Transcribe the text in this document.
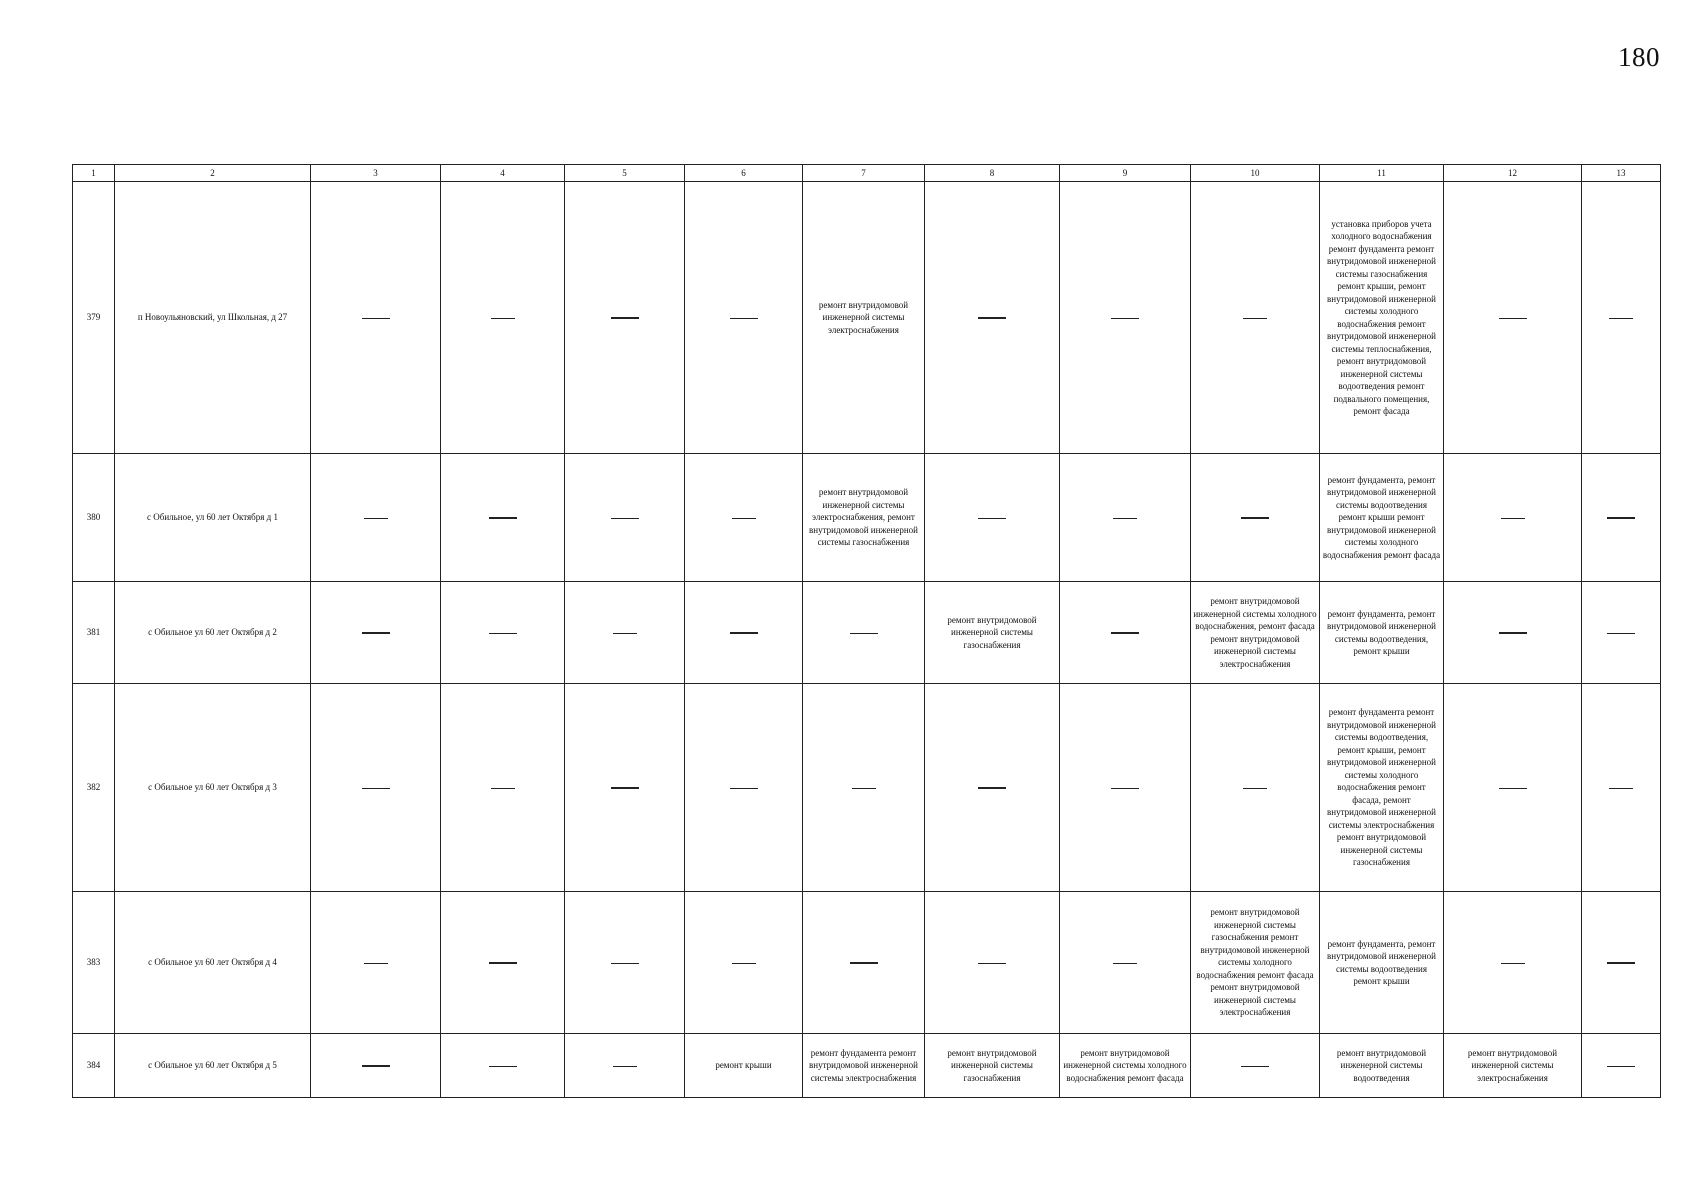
180
1	2	3	4	5	6	7	8	9	10	11	12	13
379	п Новоульяновский, ул Школьная, д 27					ремонт внутридомовой инженерной системы электроснабжения				установка приборов учета холодного водоснабжения ремонт фундамента ремонт внутридомовой инженерной системы газоснабжения ремонт крыши, ремонт внутридомовой инженерной системы холодного водоснабжения ремонт внутридомовой инженерной системы теплоснабжения, ремонт внутридомовой инженерной системы водоотведения ремонт подвального помещения, ремонт фасада		
380	с Обильное, ул 60 лет Октября д 1					ремонт внутридомовой инженерной системы электроснабжения, ремонт внутридомовой инженерной системы газоснабжения				ремонт фундамента, ремонт внутридомовой инженерной системы водоотведения ремонт крыши ремонт внутридомовой инженерной системы холодного водоснабжения ремонт фасада		
381	с Обильное ул 60 лет Октября д 2						ремонт внутридомовой инженерной системы газоснабжения		ремонт внутридомовой инженерной системы холодного водоснабжения, ремонт фасада ремонт внутридомовой инженерной системы электроснабжения	ремонт фундамента, ремонт внутридомовой инженерной системы водоотведения, ремонт крыши		
382	с Обильное ул 60 лет Октября д 3									ремонт фундамента ремонт внутридомовой инженерной системы водоотведения, ремонт крыши, ремонт внутридомовой инженерной системы холодного водоснабжения ремонт фасада, ремонт внутридомовой инженерной системы электроснабжения ремонт внутридомовой инженерной системы газоснабжения		
383	с Обильное ул 60 лет Октября д 4								ремонт внутридомовой инженерной системы газоснабжения ремонт внутридомовой инженерной системы холодного водоснабжения ремонт фасада ремонт внутридомовой инженерной системы электроснабжения	ремонт фундамента, ремонт внутридомовой инженерной системы водоотведения ремонт крыши		
384	с Обильное ул 60 лет Октября д 5				ремонт крыши	ремонт фундамента ремонт внутридомовой инженерной системы электроснабжения	ремонт внутридомовой инженерной системы газоснабжения	ремонт внутридомовой инженерной системы холодного водоснабжения ремонт фасада		ремонт внутридомовой инженерной системы водоотведения	ремонт внутридомовой инженерной системы электроснабжения	
